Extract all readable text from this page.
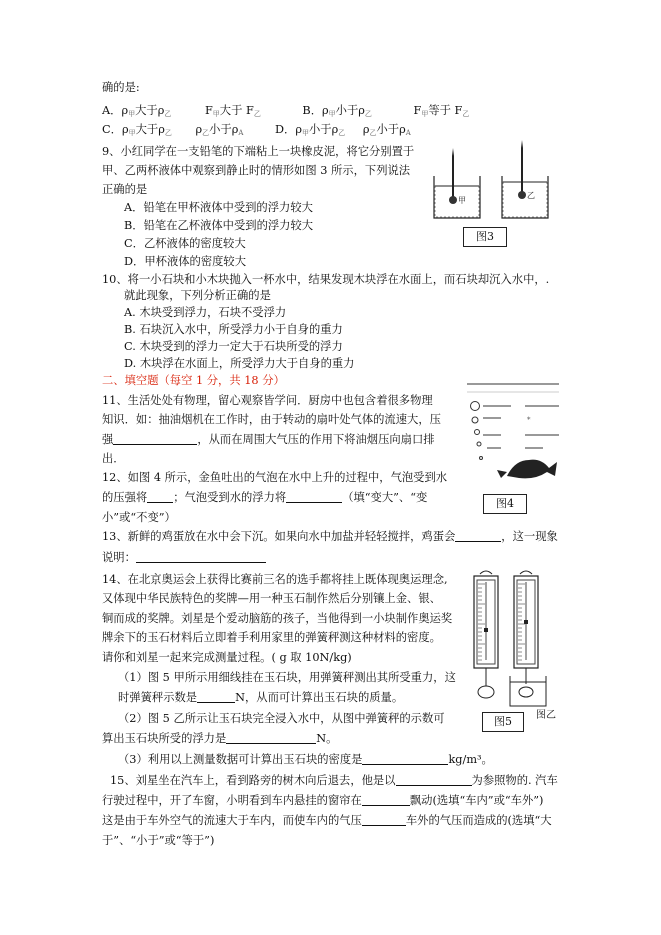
确的是:
A．$\rho_甲$大于$\rho_乙$	$F_甲$大于 $F_乙$	B．$\rho_甲$小于$\rho_乙$	$F_甲$等于 $F_乙$
C．$\rho_甲$大于$\rho_乙$ $\rho_乙$小于$\rho_A$	D．$\rho_甲$小于$\rho_乙$ $\rho_乙$小于$\rho_A$
9、小红同学在一支铅笔的下端粘上一块橡皮泥，将它分别置于
甲、乙两杯液体中观察到静止时的情形如图 3 所示，下列说法
正确的是
A．铅笔在甲杯液体中受到的浮力较大
B．铅笔在乙杯液体中受到的浮力较大
C．乙杯液体的密度较大
D．甲杯液体的密度较大
甲
乙
图3
10、将一小石块和小木块抛入一杯水中，结果发现木块浮在水面上，而石块却沉入水中，.
就此现象，下列分析正确的是
A. 木块受到浮力，石块不受浮力
B. 石块沉入水中，所受浮力小于自身的重力
C. 木块受到的浮力一定大于石块所受的浮力
D. 木块浮在水面上，所受浮力大于自身的重力
二、填空题（每空 1 分，共 18 分）
11、生活处处有物理，留心观察皆学问．厨房中也包含着很多物理
知识．如：抽油烟机在工作时，由于转动的扇叶处气体的流速大，压
强	，从而在周围大气压的作用下将油烟压向扇口排
出．
*
图4
12、如图 4 所示，金鱼吐出的气泡在水中上升的过程中，气泡受到水
的压强将 ；气泡受到水的浮力将	（填“变大”、“变
小”或“不变”）
13、新鲜的鸡蛋放在水中会下沉。如果向水中加盐并轻轻搅拌，鸡蛋会	，这一现象
说明：
14、在北京奥运会上获得比赛前三名的选手都将挂上既体现奥运理念,
又体现中华民族特色的奖牌—用一种玉石制作然后分别镶上金、银、
铜而成的奖牌。刘星是个爱动脑筋的孩子，当他得到一小块制作奥运奖
牌余下的玉石材料后立即着手利用家里的弹簧秤测这种材料的密度。
请你和刘星一起来完成测量过程。( g 取 10N/kg)
（1）图 5 甲所示用细线挂在玉石块，用弹簧秤测出其所受重力，这
时弹簧秤示数是	N，从而可计算出玉石块的质量。
（2）图 5 乙所示让玉石块完全浸入水中，从图中弹簧秤的示数可
算出玉石块所受的浮力是	N。
（3）利用以上测量数据可计算出玉石块的密度是	kg/m³。
图乙
图5
15、刘星坐在汽车上，看到路旁的树木向后退去，他是以	为参照物的. 汽车
行驶过程中，开了车窗，小明看到车内悬挂的窗帘在	飘动(选填“车内”或“车外”)
这是由于车外空气的流速大于车内，而使车内的气压	车外的气压而造成的(选填“大
于”、“小于”或“等于”)
